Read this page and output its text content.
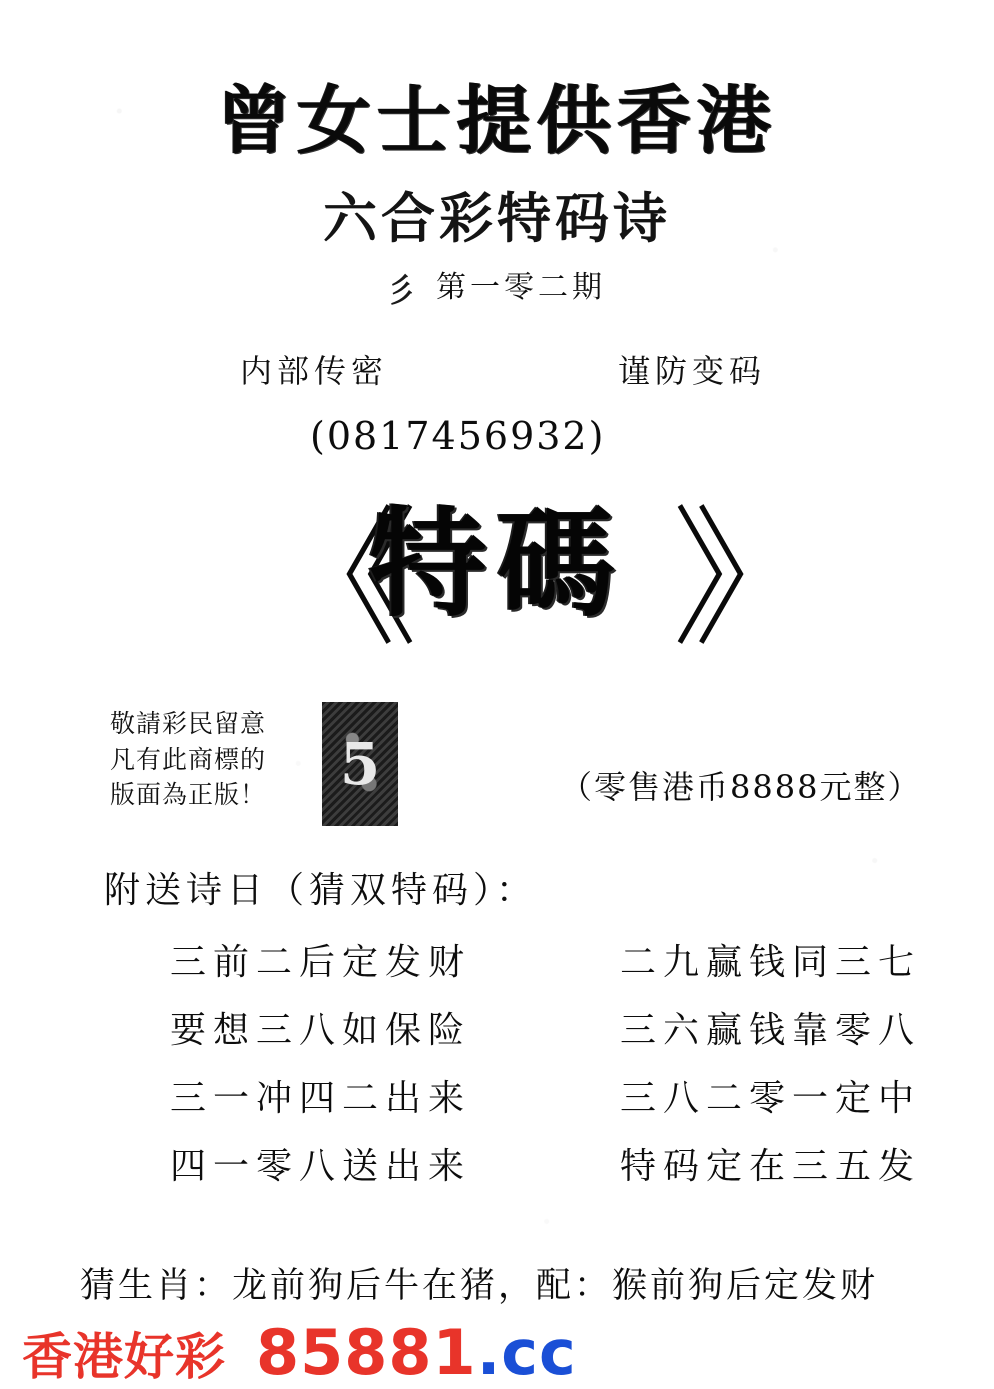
曾女士提供香港
六合彩特码诗
彡 第一零二期
内部传密	谨防变码
(0817456932)
《 》
特碼
敬請彩民留意
凡有此商標的
版面為正版！	5	（零售港币8888元整）
附送诗日（猜双特码）：
三前二后定发财	二九赢钱同三七
要想三八如保险	三六赢钱靠零八
三一冲四二出来	三八二零一定中
四一零八送出来	特码定在三五发
猜生肖：龙前狗后牛在猪，配：猴前狗后定发财
香港好彩 85881.cc
